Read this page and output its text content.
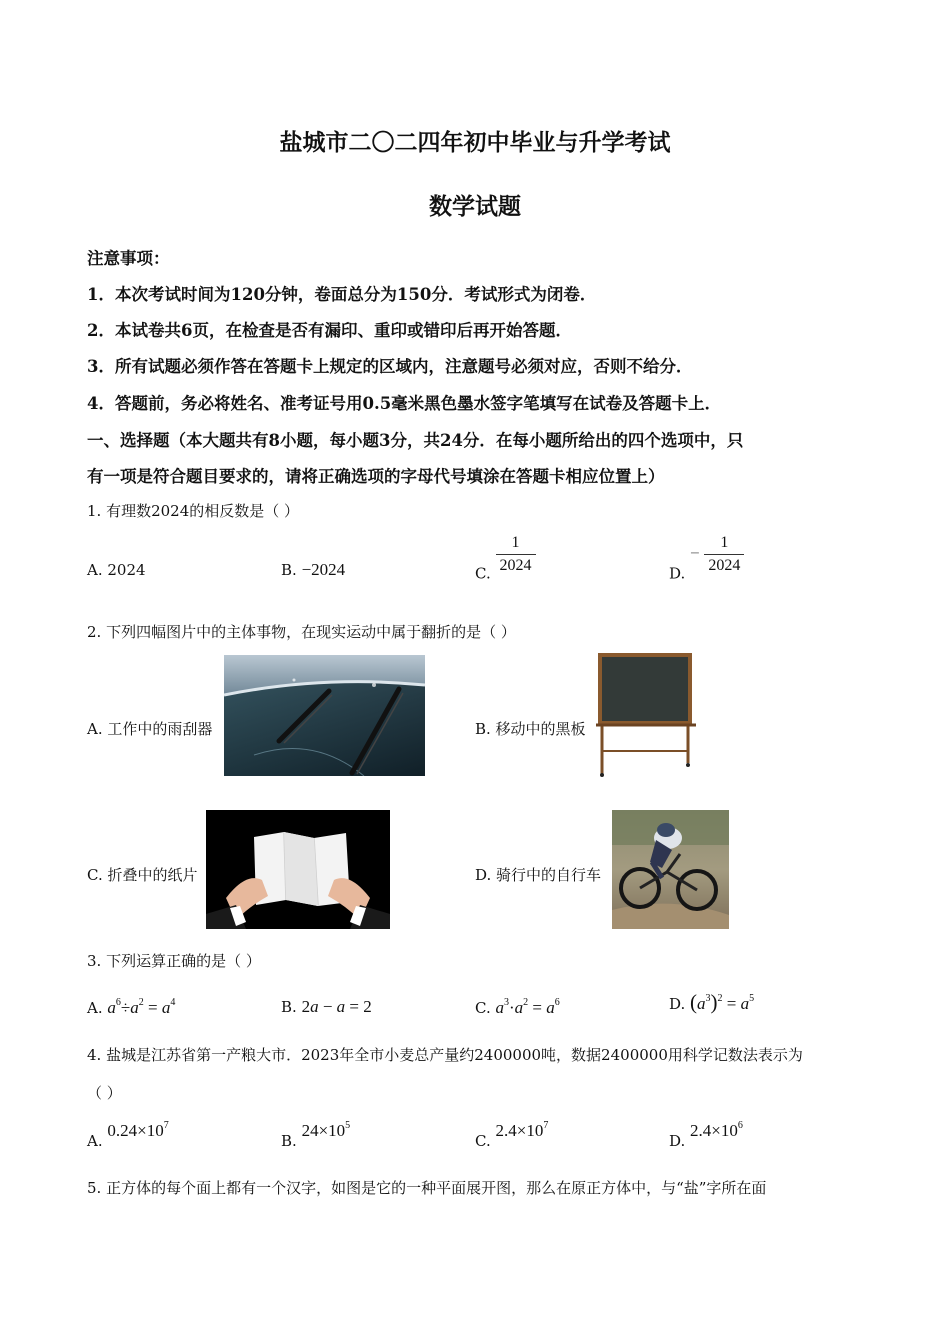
盐城市二〇二四年初中毕业与升学考试
数学试题
注意事项：
1．本次考试时间为120分钟，卷面总分为150分．考试形式为闭卷．
2．本试卷共6页，在检查是否有漏印、重印或错印后再开始答题．
3．所有试题必须作答在答题卡上规定的区域内，注意题号必须对应，否则不给分．
4．答题前，务必将姓名、准考证号用0.5毫米黑色墨水签字笔填写在试卷及答题卡上．
一、选择题（本大题共有8小题，每小题3分，共24分．在每小题所给出的四个选项中，只
有一项是符合题目要求的，请将正确选项的字母代号填涂在答题卡相应位置上）
1. 有理数2024的相反数是（ ）
A. 2024	B. −2024	C. $\frac{1}{2024}$	D. − $\frac{1}{2024}$
2. 下列四幅图片中的主体事物，在现实运动中属于翻折的是（ ）
A. 工作中的雨刮器	B. 移动中的黑板
C. 折叠中的纸片	D. 骑行中的自行车
3. 下列运算正确的是（ ）
A. $a^6\div a^2 = a^4$	B. 2a − a = 2	C. $a^3\cdot a^2 = a^6$	D. $(a^3)^2 = a^5$
4. 盐城是江苏省第一产粮大市．2023年全市小麦总产量约2400000吨，数据2400000用科学记数法表示为
（ ）
A. $0.24\times 10^7$
B. $24\times 10^5$
C. $2.4\times 10^7$
D. $2.4\times 10^6$
5. 正方体的每个面上都有一个汉字，如图是它的一种平面展开图，那么在原正方体中，与“盐”字所在面
